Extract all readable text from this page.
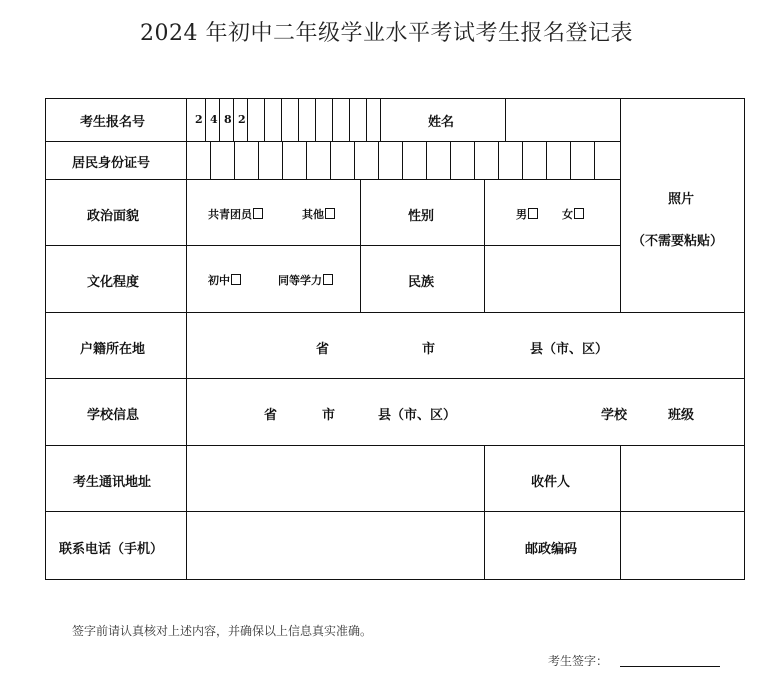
2024 年初中二年级学业水平考试考生报名登记表
考生报名号	2 4 8 2	姓名
居民身份证号
政治面貌	共青团员	其他	性别	男	女
照片
（不需要粘贴）
文化程度	初中	同等学力	民族
户籍所在地	省	市	县（市、区）
学校信息	省	市	县（市、区）	学校	班级
考生通讯地址	收件人
联系电话（手机）	邮政编码
签字前请认真核对上述内容，并确保以上信息真实准确。
考生签字：
